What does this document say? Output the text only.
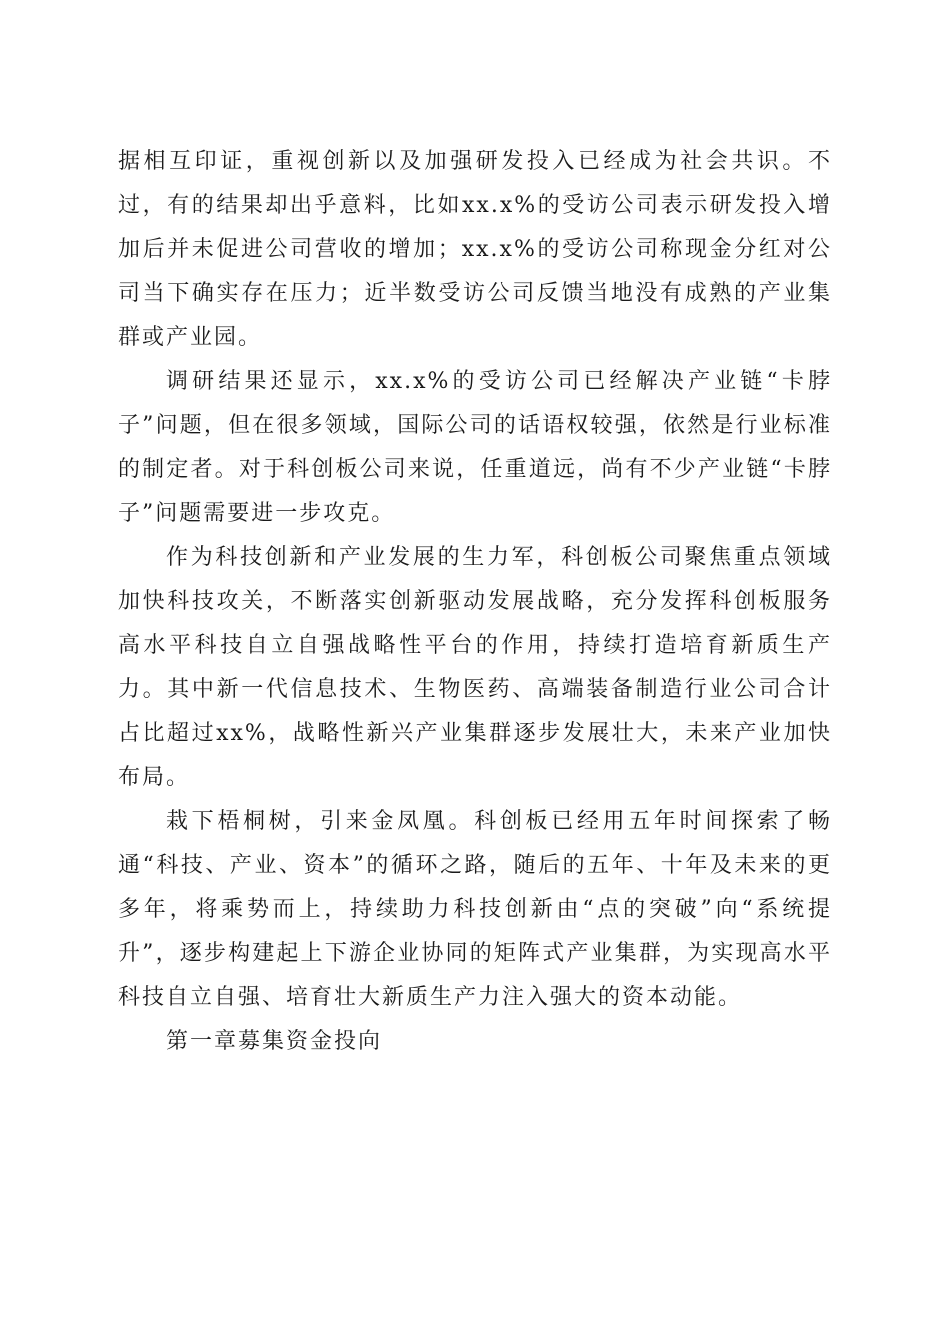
据相互印证，重视创新以及加强研发投入已经成为社会共识。不过，有的结果却出乎意料，比如xx.x%的受访公司表示研发投入增加后并未促进公司营收的增加；xx.x%的受访公司称现金分红对公司当下确实存在压力；近半数受访公司反馈当地没有成熟的产业集群或产业园。

调研结果还显示，xx.x%的受访公司已经解决产业链“卡脖子”问题，但在很多领域，国际公司的话语权较强，依然是行业标准的制定者。对于科创板公司来说，任重道远，尚有不少产业链“卡脖子”问题需要进一步攻克。

作为科技创新和产业发展的生力军，科创板公司聚焦重点领域加快科技攻关，不断落实创新驱动发展战略，充分发挥科创板服务高水平科技自立自强战略性平台的作用，持续打造培育新质生产力。其中新一代信息技术、生物医药、高端装备制造行业公司合计占比超过xx%，战略性新兴产业集群逐步发展壮大，未来产业加快布局。

栽下梧桐树，引来金凤凰。科创板已经用五年时间探索了畅通“科技、产业、资本”的循环之路，随后的五年、十年及未来的更多年，将乘势而上，持续助力科技创新由“点的突破”向“系统提升”，逐步构建起上下游企业协同的矩阵式产业集群，为实现高水平科技自立自强、培育壮大新质生产力注入强大的资本动能。

第一章募集资金投向
